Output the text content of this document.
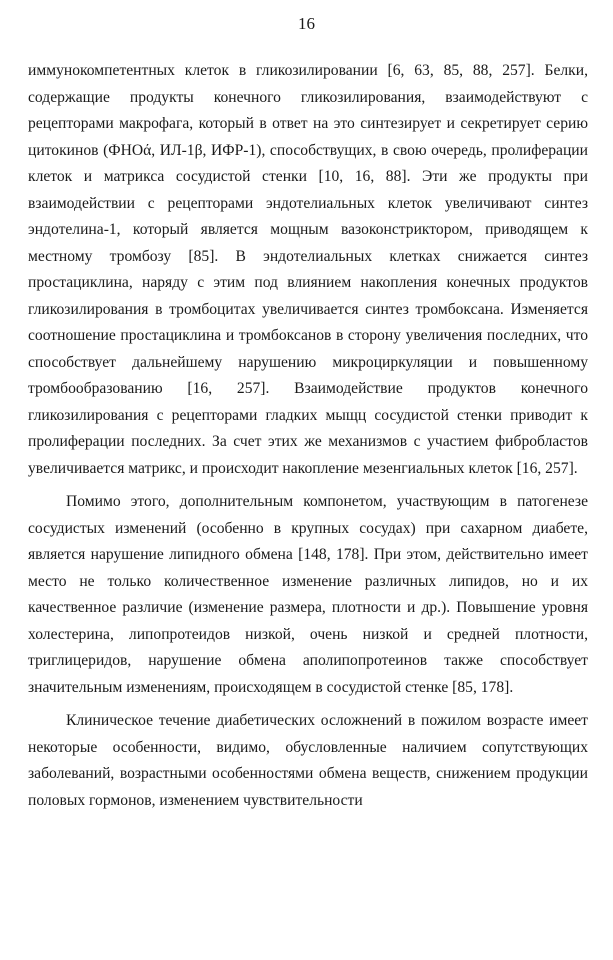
16

иммунокомпетентных клеток в гликозилировании [6, 63, 85, 88, 257]. Белки, содержащие продукты конечного гликозилирования, взаимодействуют с рецепторами макрофага, который в ответ на это синтезирует и секретирует серию цитокинов (ФНОά, ИЛ-1β, ИФР-1), способствущих, в свою очередь, пролиферации клеток и матрикса сосудистой стенки [10, 16, 88]. Эти же продукты при взаимодействии с рецепторами эндотелиальных клеток увеличивают синтез эндотелина-1, который является мощным вазоконстриктором, приводящем к местному тромбозу [85]. В эндотелиальных клетках снижается синтез простациклина, наряду с этим под влиянием накопления конечных продуктов гликозилирования в тромбоцитах увеличивается синтез тромбоксана. Изменяется соотношение простациклина и тромбоксанов в сторону увеличения последних, что способствует дальнейшему нарушению микроциркуляции и повышенному тромбообразованию [16, 257]. Взаимодействие продуктов конечного гликозилирования с рецепторами гладких мыщц сосудистой стенки приводит к пролиферации последних. За счет этих же механизмов с участием фибробластов увеличивается матрикс, и происходит накопление мезенгиальных клеток [16, 257].

Помимо этого, дополнительным компонетом, участвующим в патогенезе сосудистых изменений (особенно в крупных сосудах) при сахарном диабете, является нарушение липидного обмена [148, 178]. При этом, действительно имеет место не только количественное изменение различных липидов, но и их качественное различие (изменение размера, плотности и др.). Повышение уровня холестерина, липопротеидов низкой, очень низкой и средней плотности, триглицеридов, нарушение обмена аполипопротеинов также способствует значительным изменениям, происходящем в сосудистой стенке [85, 178].

Клиническое течение диабетических осложнений в пожилом возрасте имеет некоторые особенности, видимо, обусловленные наличием сопутствующих заболеваний, возрастными особенностями обмена веществ, снижением продукции половых гормонов, изменением чувствительности
